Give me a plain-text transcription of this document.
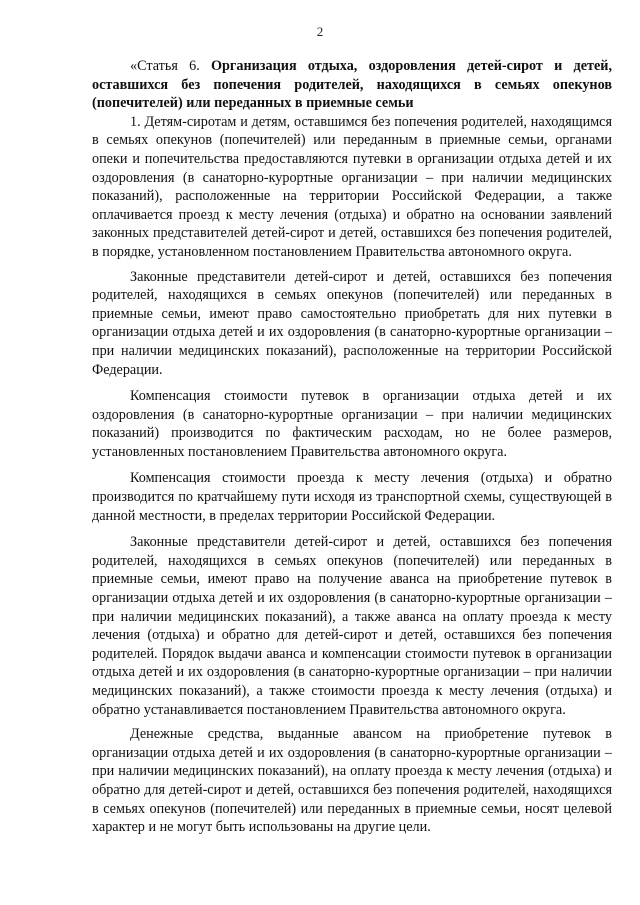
2

«Статья 6. Организация отдыха, оздоровления детей-сирот и детей, оставшихся без попечения родителей, находящихся в семьях опекунов (попечителей) или переданных в приемные семьи

1. Детям-сиротам и детям, оставшимся без попечения родителей, находящимся в семьях опекунов (попечителей) или переданным в приемные семьи, органами опеки и попечительства предоставляются путевки в организации отдыха детей и их оздоровления (в санаторно-курортные организации – при наличии медицинских показаний), расположенные на территории Российской Федерации, а также оплачивается проезд к месту лечения (отдыха) и обратно на основании заявлений законных представителей детей-сирот и детей, оставшихся без попечения родителей, в порядке, установленном постановлением Правительства автономного округа.

Законные представители детей-сирот и детей, оставшихся без попечения родителей, находящихся в семьях опекунов (попечителей) или переданных в приемные семьи, имеют право самостоятельно приобретать для них путевки в организации отдыха детей и их оздоровления (в санаторно-курортные организации – при наличии медицинских показаний), расположенные на территории Российской Федерации.

Компенсация стоимости путевок в организации отдыха детей и их оздоровления (в санаторно-курортные организации – при наличии медицинских показаний) производится по фактическим расходам, но не более размеров, установленных постановлением Правительства автономного округа.

Компенсация стоимости проезда к месту лечения (отдыха) и обратно производится по кратчайшему пути исходя из транспортной схемы, существующей в данной местности, в пределах территории Российской Федерации.

Законные представители детей-сирот и детей, оставшихся без попечения родителей, находящихся в семьях опекунов (попечителей) или переданных в приемные семьи, имеют право на получение аванса на приобретение путевок в организации отдыха детей и их оздоровления (в санаторно-курортные организации – при наличии медицинских показаний), а также аванса на оплату проезда к месту лечения (отдыха) и обратно для детей-сирот и детей, оставшихся без попечения родителей. Порядок выдачи аванса и компенсации стоимости путевок в организации отдыха детей и их оздоровления (в санаторно-курортные организации – при наличии медицинских показаний), а также стоимости проезда к месту лечения (отдыха) и обратно устанавливается постановлением Правительства автономного округа.

Денежные средства, выданные авансом на приобретение путевок в организации отдыха детей и их оздоровления (в санаторно-курортные организации – при наличии медицинских показаний), на оплату проезда к месту лечения (отдыха) и обратно для детей-сирот и детей, оставшихся без попечения родителей, находящихся в семьях опекунов (попечителей) или переданных в приемные семьи, носят целевой характер и не могут быть использованы на другие цели.
